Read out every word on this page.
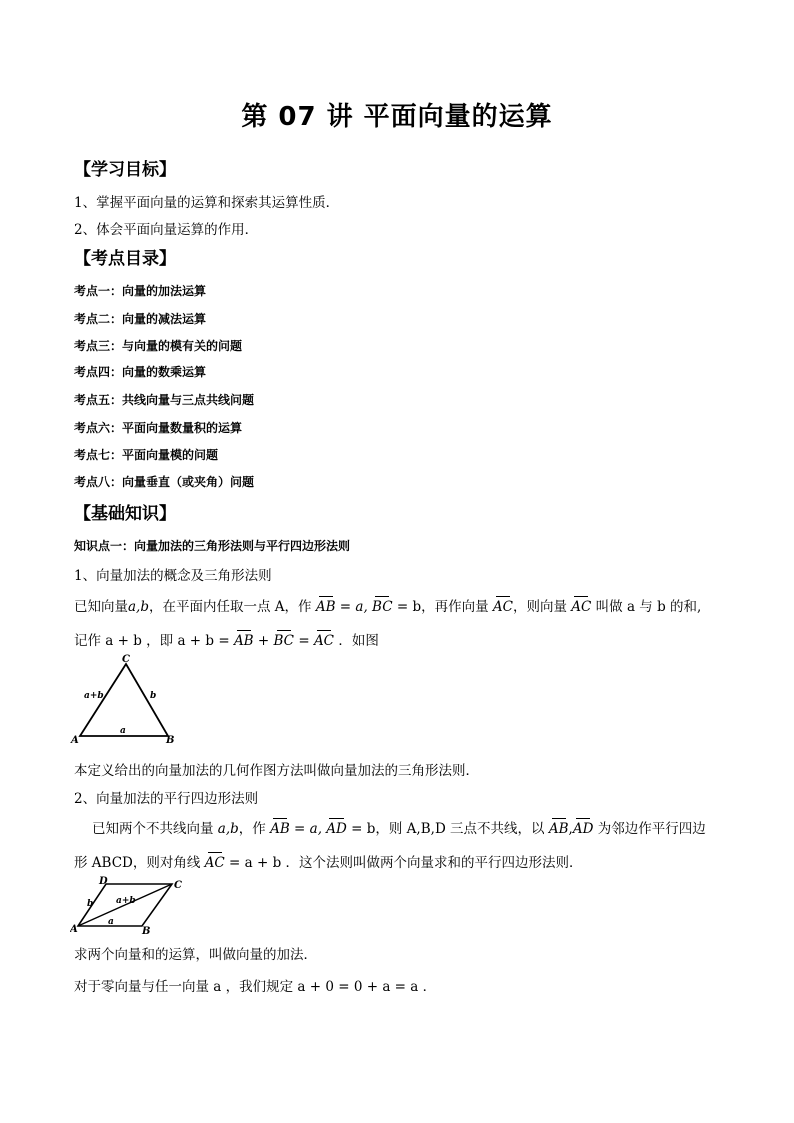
第 07 讲 平面向量的运算
【学习目标】
1、掌握平面向量的运算和探索其运算性质．
2、体会平面向量运算的作用．
【考点目录】
考点一：向量的加法运算
考点二：向量的减法运算
考点三：与向量的模有关的问题
考点四：向量的数乘运算
考点五：共线向量与三点共线问题
考点六：平面向量数量积的运算
考点七：平面向量模的问题
考点八：向量垂直（或夹角）问题
【基础知识】
知识点一：向量加法的三角形法则与平行四边形法则
1、向量加法的概念及三角形法则
已知向量a,b，在平面内任取一点 A，作 AB = a, BC = b，再作向量 AC，则向量 AC 叫做 a 与 b 的和,
记作 a + b ，即 a + b = AB + BC = AC ．如图
C
A	B
a+b	b
a
本定义给出的向量加法的几何作图方法叫做向量加法的三角形法则．
2、向量加法的平行四边形法则
已知两个不共线向量 a,b，作 AB = a, AD = b，则 A,B,D 三点不共线，以 AB,AD 为邻边作平行四边
形 ABCD，则对角线 AC = a + b ．这个法则叫做两个向量求和的平行四边形法则．
D	C
A	B
a+b
b
a
求两个向量和的运算，叫做向量的加法．
对于零向量与任一向量 a ，我们规定 a + 0 = 0 + a = a ．
